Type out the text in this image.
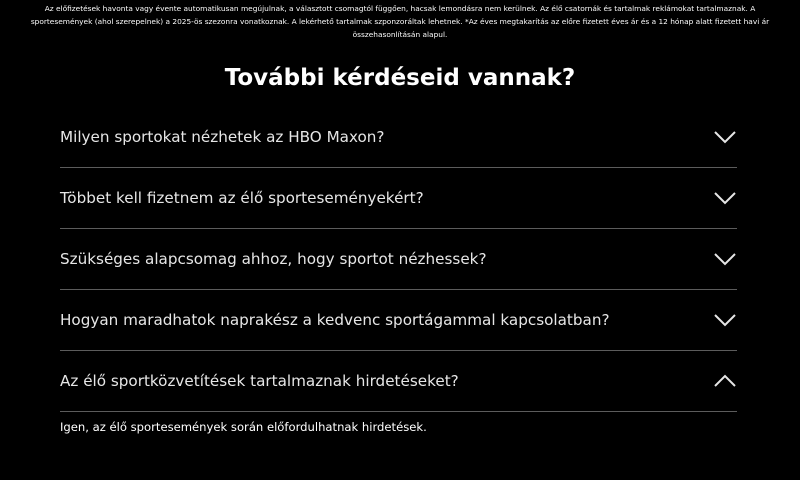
Az előfizetések havonta vagy évente automatikusan megújulnak, a választott csomagtól függően, hacsak lemondásra nem kerülnek. Az élő csatornák és tartalmak reklámokat tartalmaznak. A
sportesemények (ahol szerepelnek) a 2025-ös szezonra vonatkoznak. A lekérhető tartalmak szponzoráltak lehetnek. *Az éves megtakarítás az előre fizetett éves ár és a 12 hónap alatt fizetett havi ár
összehasonlításán alapul.
További kérdéseid vannak?
Milyen sportokat nézhetek az HBO Maxon?
Többet kell fizetnem az élő sporteseményekért?
Szükséges alapcsomag ahhoz, hogy sportot nézhessek?
Hogyan maradhatok naprakész a kedvenc sportágammal kapcsolatban?
Az élő sportközvetítések tartalmaznak hirdetéseket?
Igen, az élő sportesemények során előfordulhatnak hirdetések.
